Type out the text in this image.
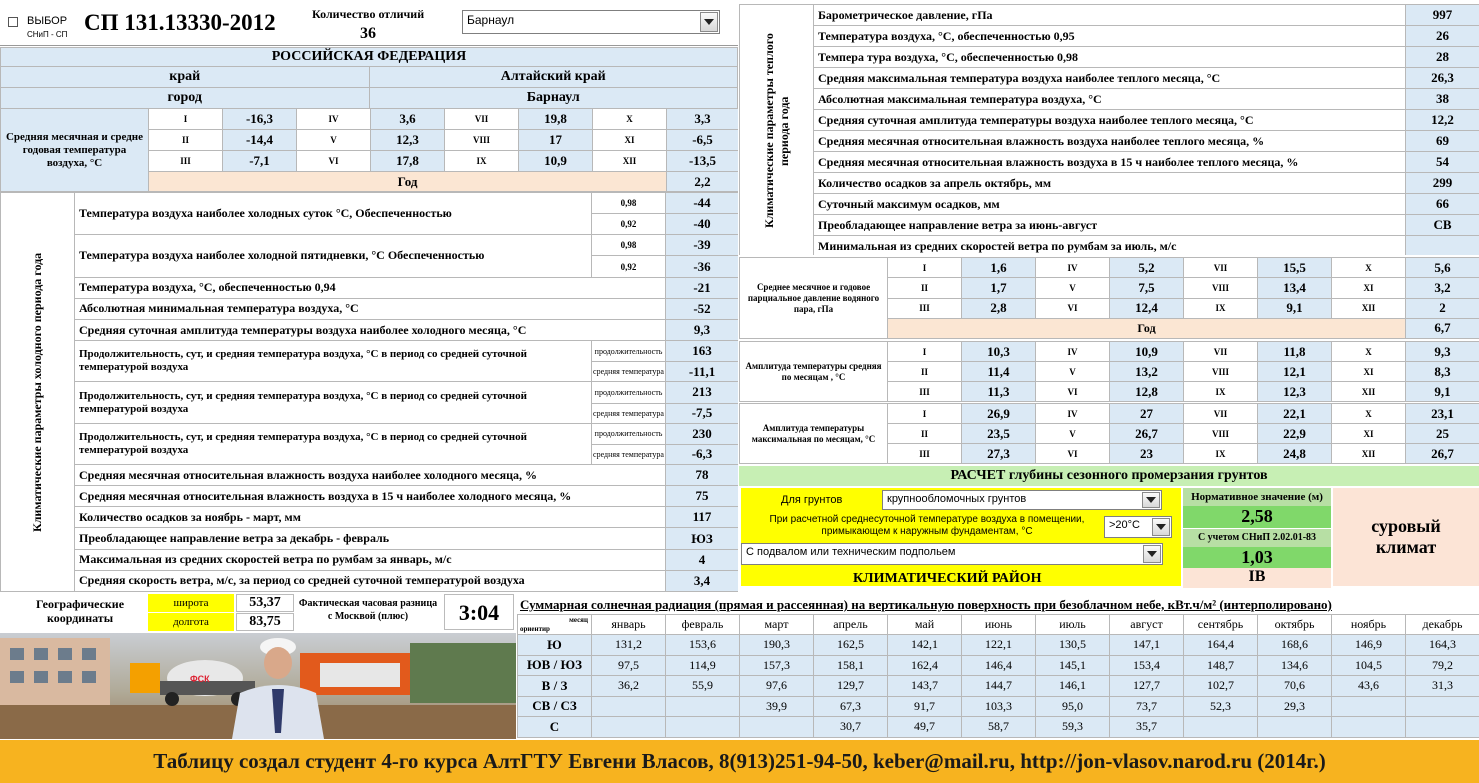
ВЫБОР
СНиП - СП СП 131.13330-2012	Количество отличий
36
Барнаул
РОССИЙСКАЯ ФЕДЕРАЦИЯ	
край	Алтайский край
город	Барнаул
Средняя месячная и средне годовая температура воздуха, °С	I	-16,3	IV	3,6	VII	19,8	X	3,3
	II	-14,4	V	12,3	VIII	17	XI	-6,5
	III	-7,1	VI	17,8	IX	10,9	XII	-13,5
	Год							2,2
Климатические параметры холодного периода года	Температура воздуха наиболее холодных суток °С, Обеспеченностью	0,98	-44
		0,92	-40
	Температура воздуха наиболее холодной пятидневки, °С Обеспеченностью	0,98	-39
		0,92	-36
	Температура воздуха, °С, обеспеченностью 0,94		-21
	Абсолютная минимальная температура воздуха, °С		-52
	Средняя суточная амплитуда температуры воздуха наиболее холодного месяца, °С		9,3
	Продолжительность, сут, и средняя температура воздуха, °С в период со средней суточной температурой воздуха	продолжительность	163
		средняя температура	-11,1
	Продолжительность, сут, и средняя температура воздуха, °С в период со средней суточной температурой воздуха	продолжительность	213
		средняя температура	-7,5
	Продолжительность, сут, и средняя температура воздуха, °С в период со средней суточной температурой воздуха	продолжительность	230
		средняя температура	-6,3
	Средняя месячная относительная влажность воздуха наиболее холодного месяца, %		78
	Средняя месячная относительная влажность воздуха в 15 ч наиболее холодного месяца, %		75
	Количество осадков за ноябрь - март, мм		117
	Преобладающее направление ветра за декабрь - февраль		ЮЗ
	Максимальная из средних скоростей ветра по румбам за январь, м/с		4
	Средняя скорость ветра, м/с, за период со средней суточной температурой воздуха		3,4
Климатические параметры теплого периода года	Барометрическое давление, гПа	997
	Температура воздуха, °С, обеспеченностью 0,95	26
	Темпера тура воздуха, °С, обеспеченностью 0,98	28
	Средняя максимальная температура воздуха наиболее теплого месяца, °С	26,3
	Абсолютная максимальная температура воздуха, °С	38
	Средняя суточная амплитуда температуры воздуха наиболее теплого месяца, °С	12,2
	Средняя месячная относительная влажность воздуха наиболее теплого месяца, %	69
	Средняя месячная относительная влажность воздуха в 15 ч наиболее теплого месяца, %	54
	Количество осадков за апрель октябрь, мм	299
	Суточный максимум осадков, мм	66
	Преобладающее направление ветра за июнь-август	СВ
	Минимальная из средних скоростей ветра по румбам за июль, м/с	
Среднее месячное и годовое парциальное давление водяного пара, гПа	I	1,6	IV	5,2	VII	15,5	X	5,6
	II	1,7	V	7,5	VIII	13,4	XI	3,2
	III	2,8	VI	12,4	IX	9,1	XII	2
	Год							6,7
Амплитуда температуры средняя по месяцам , °С	I	10,3	IV	10,9	VII	11,8	X	9,3
	II	11,4	V	13,2	VIII	12,1	XI	8,3
	III	11,3	VI	12,8	IX	12,3	XII	9,1
Амплитуда температуры максимальная по месяцам, °С	I	26,9	IV	27	VII	22,1	X	23,1
	II	23,5	V	26,7	VIII	22,9	XI	25
	III	27,3	VI	23	IX	24,8	XII	26,7
РАСЧЕТ глубины сезонного промерзания грунтов
Для грунтов	крупнообломочных грунтов
При расчетной среднесуточной температуре воздуха в помещении, примыкающем к наружным фундаментам, °С
>20°С
С подвалом или техническим подпольем
КЛИМАТИЧЕСКИЙ РАЙОН	IB
Нормативное значение (м)
2,58
С учетом СНиП 2.02.01-83
1,03
суровый климат
Географические координаты
широта	53,37
долгота	83,75
Фактическая часовая разница с Москвой (плюс)	3:04
ФСК
Суммарная солнечная радиация (прямая и рассеянная) на вертикальную поверхность при безоблачном небе, кВт.ч/м² (интерполировано)
месяц
ориентир	январь	февраль	март	апрель	май	июнь	июль	август	сентябрь	октябрь	ноябрь	декабрь
Ю	131,2	153,6	190,3	162,5	142,1	122,1	130,5	147,1	164,4	168,6	146,9	164,3
ЮВ / ЮЗ	97,5	114,9	157,3	158,1	162,4	146,4	145,1	153,4	148,7	134,6	104,5	79,2
В / З	36,2	55,9	97,6	129,7	143,7	144,7	146,1	127,7	102,7	70,6	43,6	31,3
СВ / СЗ			39,9	67,3	91,7	103,3	95,0	73,7	52,3	29,3		
С				30,7	49,7	58,7	59,3	35,7				
Таблицу создал студент 4-го курса АлтГТУ Евгени Власов, 8(913)251-94-50, keber@mail.ru, http://jon-vlasov.narod.ru (2014г.)
